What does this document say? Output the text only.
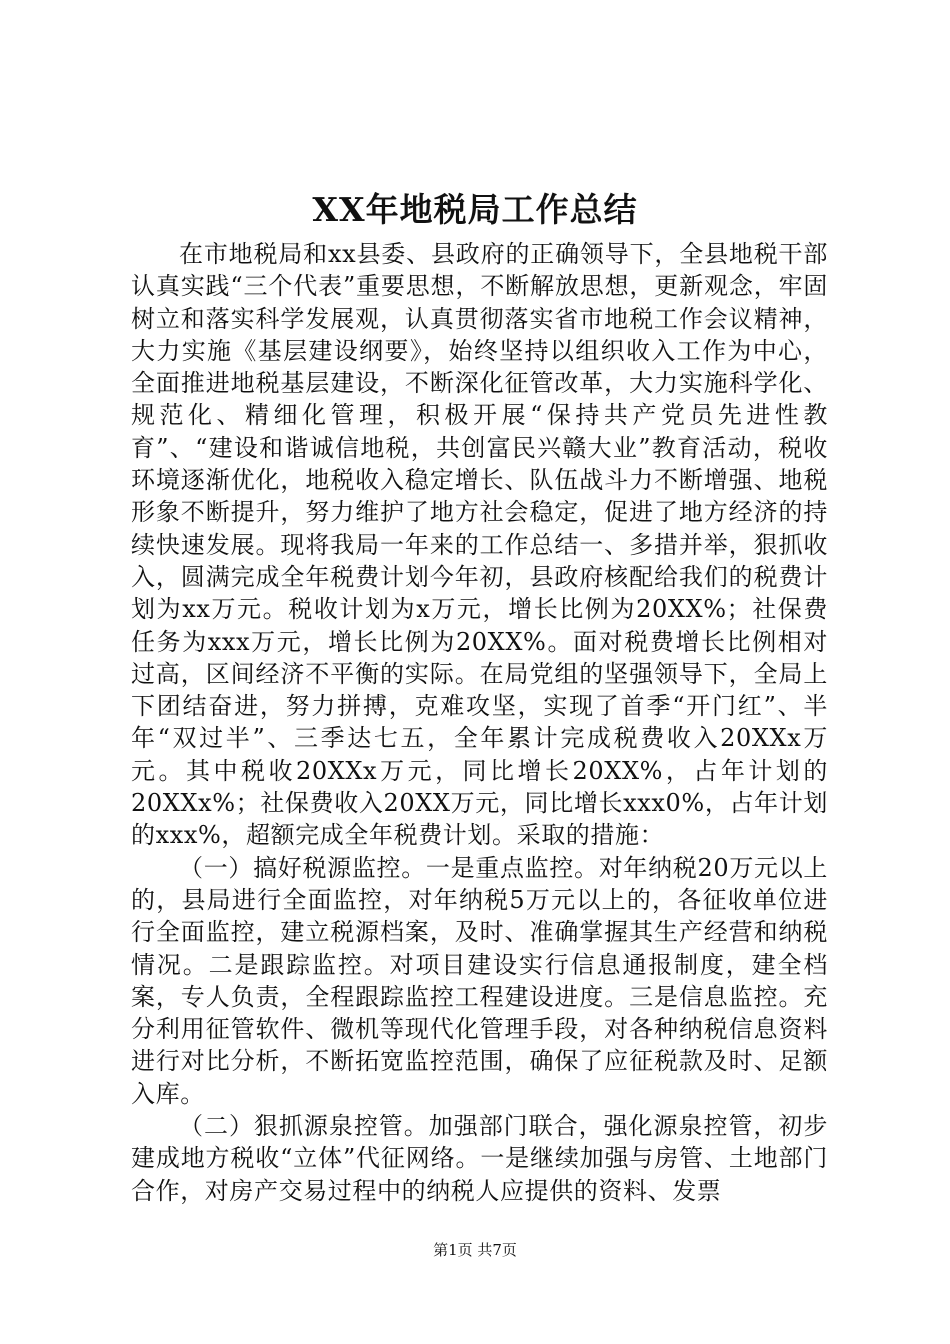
XX年地税局工作总结

在市地税局和xx县委、县政府的正确领导下，全县地税干部认真实践“三个代表”重要思想，不断解放思想，更新观念，牢固树立和落实科学发展观，认真贯彻落实省市地税工作会议精神，大力实施《基层建设纲要》，始终坚持以组织收入工作为中心，全面推进地税基层建设，不断深化征管改革，大力实施科学化、规范化、精细化管理，积极开展“保持共产党员先进性教育”、“建设和谐诚信地税，共创富民兴赣大业”教育活动，税收环境逐渐优化，地税收入稳定增长、队伍战斗力不断增强、地税形象不断提升，努力维护了地方社会稳定，促进了地方经济的持续快速发展。现将我局一年来的工作总结一、多措并举，狠抓收入，圆满完成全年税费计划今年初，县政府核配给我们的税费计划为xx万元。税收计划为x万元，增长比例为20XX%；社保费任务为xxx万元，增长比例为20XX%。面对税费增长比例相对过高，区间经济不平衡的实际。在局党组的坚强领导下，全局上下团结奋进，努力拼搏，克难攻坚，实现了首季“开门红”、半年“双过半”、三季达七五，全年累计完成税费收入20XXx万元。其中税收20XXx万元，同比增长20XX%，占年计划的20XXx%；社保费收入20XX万元，同比增长xxx0%，占年计划的xxx%，超额完成全年税费计划。采取的措施：

（一）搞好税源监控。一是重点监控。对年纳税20万元以上的，县局进行全面监控，对年纳税5万元以上的，各征收单位进行全面监控，建立税源档案，及时、准确掌握其生产经营和纳税情况。二是跟踪监控。对项目建设实行信息通报制度，建全档案，专人负责，全程跟踪监控工程建设进度。三是信息监控。充分利用征管软件、微机等现代化管理手段，对各种纳税信息资料进行对比分析，不断拓宽监控范围，确保了应征税款及时、足额入库。

（二）狠抓源泉控管。加强部门联合，强化源泉控管，初步建成地方税收“立体”代征网络。一是继续加强与房管、土地部门合作，对房产交易过程中的纳税人应提供的资料、发票

第1页 共7页
